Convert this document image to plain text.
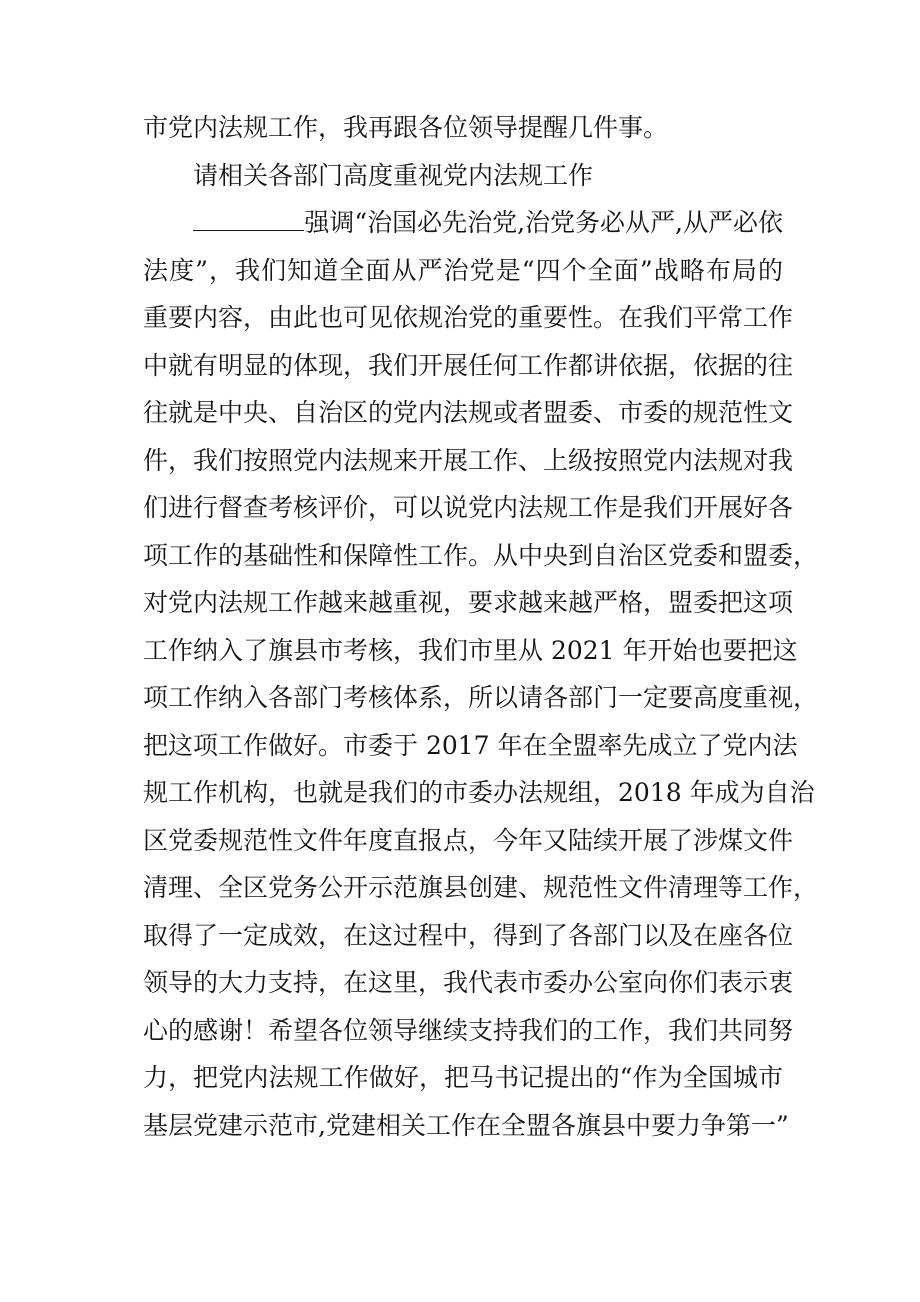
市党内法规工作，我再跟各位领导提醒几件事。
请相关各部门高度重视党内法规工作
强调“治国必先治党,治党务必从严,从严必依
法度”，我们知道全面从严治党是“四个全面”战略布局的
重要内容，由此也可见依规治党的重要性。在我们平常工作
中就有明显的体现，我们开展任何工作都讲依据，依据的往
往就是中央、自治区的党内法规或者盟委、市委的规范性文
件，我们按照党内法规来开展工作、上级按照党内法规对我
们进行督查考核评价，可以说党内法规工作是我们开展好各
项工作的基础性和保障性工作。从中央到自治区党委和盟委，
对党内法规工作越来越重视，要求越来越严格，盟委把这项
工作纳入了旗县市考核，我们市里从 2021 年开始也要把这
项工作纳入各部门考核体系，所以请各部门一定要高度重视，
把这项工作做好。市委于 2017 年在全盟率先成立了党内法
规工作机构，也就是我们的市委办法规组，2018 年成为自治
区党委规范性文件年度直报点，今年又陆续开展了涉煤文件
清理、全区党务公开示范旗县创建、规范性文件清理等工作，
取得了一定成效，在这过程中，得到了各部门以及在座各位
领导的大力支持，在这里，我代表市委办公室向你们表示衷
心的感谢！希望各位领导继续支持我们的工作，我们共同努
力，把党内法规工作做好，把马书记提出的“作为全国城市
基层党建示范市,党建相关工作在全盟各旗县中要力争第一”
